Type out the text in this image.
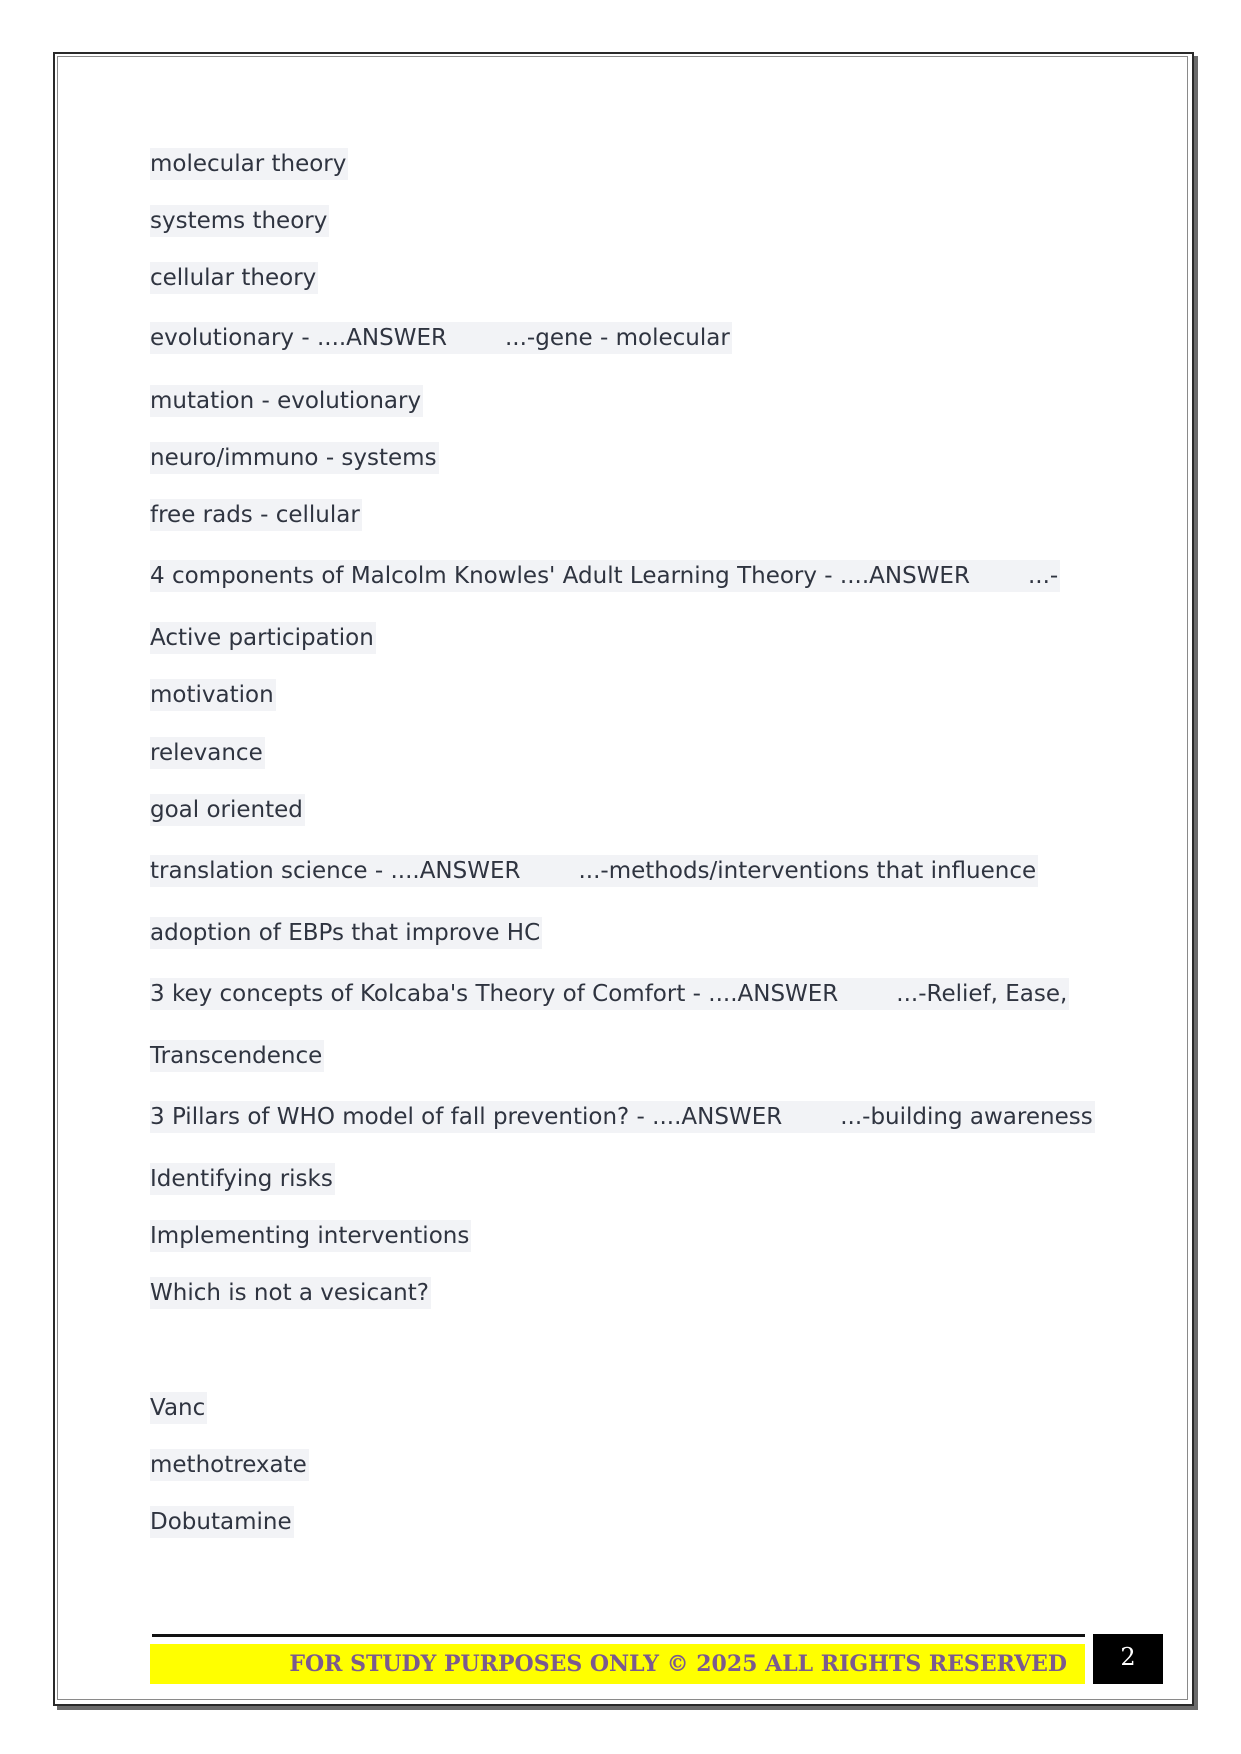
molecular theory
systems theory
cellular theory
evolutionary - ....ANSWER	...-gene - molecular
mutation - evolutionary
neuro/immuno - systems
free rads - cellular
4 components of Malcolm Knowles' Adult Learning Theory - ....ANSWER	...-
Active participation
motivation
relevance
goal oriented
translation science - ....ANSWER	...-methods/interventions that influence
adoption of EBPs that improve HC
3 key concepts of Kolcaba's Theory of Comfort - ....ANSWER	...-Relief, Ease,
Transcendence
3 Pillars of WHO model of fall prevention? - ....ANSWER	...-building awareness
Identifying risks
Implementing interventions
Which is not a vesicant?
Vanc
methotrexate
Dobutamine
FOR STUDY PURPOSES ONLY © 2025 ALL RIGHTS RESERVED	2
